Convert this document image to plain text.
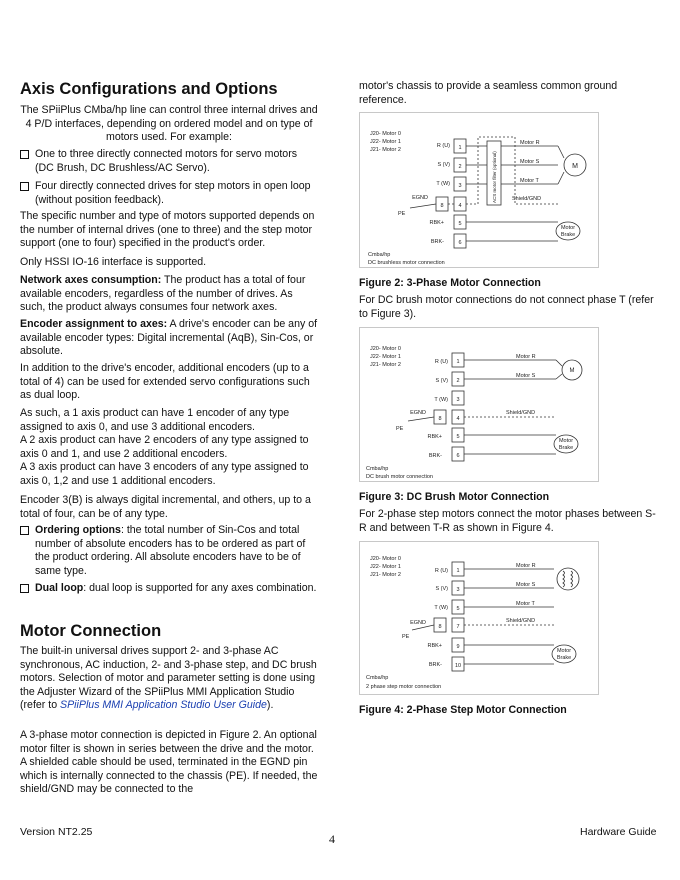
Axis Configurations and Options

The SPiiPlus CMba/hp line can control three internal drives and 4 P/D interfaces, depending on ordered model and on type of motors used. For example:

One to three directly connected motors for servo motors (DC Brush, DC Brushless/AC Servo).
Four directly connected drives for step motors in open loop (without position feedback).

The specific number and type of motors supported depends on the number of internal drives (one to three) and the step motor support (one to four) specified in the product's order.

Only HSSI IO-16 interface is supported.

Network axes consumption: The product has a total of four available encoders, regardless of the number of drives. As such, the product always consumes four network axes.

Encoder assignment to axes: A drive's encoder can be any of available encoder types: Digital incremental (AqB), Sin-Cos, or absolute.

In addition to the drive's encoder, additional encoders (up to a total of 4) can be used for extended servo configurations such as dual loop.

As such, a 1 axis product can have 1 encoder of any type assigned to axis 0, and use 3 additional encoders.

A 2 axis product can have 2 encoders of any type assigned to axis 0 and 1, and use 2 additional encoders.

A 3 axis product can have 3 encoders of any type assigned to axis 0, 1,2 and use 1 additional encoders.

Encoder 3(B) is always digital incremental, and others, up to a total of four, can be of any type.

Ordering options: the total number of Sin-Cos and total number of absolute encoders has to be ordered as part of the product ordering. All absolute encoders have to be of same type.
Dual loop: dual loop is supported for any axes combination.
Motor Connection

The built-in universal drives support 2- and 3-phase AC synchronous, AC induction, 2- and 3-phase step, and DC brush motors. Selection of motor and parameter setting is done using the Adjuster Wizard of the SPiiPlus MMI Application Studio (refer to SPiiPlus MMI Application Studio User Guide).

A 3-phase motor connection is depicted in Figure 2. An optional motor filter is shown in series between the drive and the motor. A shielded cable should be used, terminated in the EGND pin which is internally connected to the chassis (PE). If needed, the shield/GND may be connected to the

motor's chassis to provide a seamless common ground reference.

J20- Motor 0
J22- Motor 1
J21- Motor 2
R (U)
S (V)
T (W)
EGND
RBK+
BRK-
PE
Cmba/hp
DC brushless motor connection
1
2
3
8	4
5
6
ACS motor filter (optional)
Motor R
Motor S
Motor T
Shield/GND
M
Motor
Brake
Figure 2: 3-Phase Motor Connection

For DC brush motor connections do not connect phase T (refer to Figure 3).

J20- Motor 0
J22- Motor 1
J21- Motor 2	R (U)
S (V)
T (W)
EGND
RBK+
BRK-
PE
Cmba/hp
DC brush motor connection
1
2
3
8	4
5
6
Motor R
Motor S
Shield/GND
M
Motor
Brake
Figure 3: DC Brush Motor Connection

For 2-phase step motors connect the motor phases between S-R and between T-R as shown in Figure 4.

J20- Motor 0
J22- Motor 1
J21- Motor 2
R (U)
S (V)
T (W)
EGND
RBK+
BRK-
PE
Cmba/hp
2 phase step motor connection
1
3
5
8	7
9
10
Motor R
Motor S
Motor T
Shield/GND
Motor
Brake
Figure 4: 2-Phase Step Motor Connection
Version NT2.25	4	Hardware Guide
